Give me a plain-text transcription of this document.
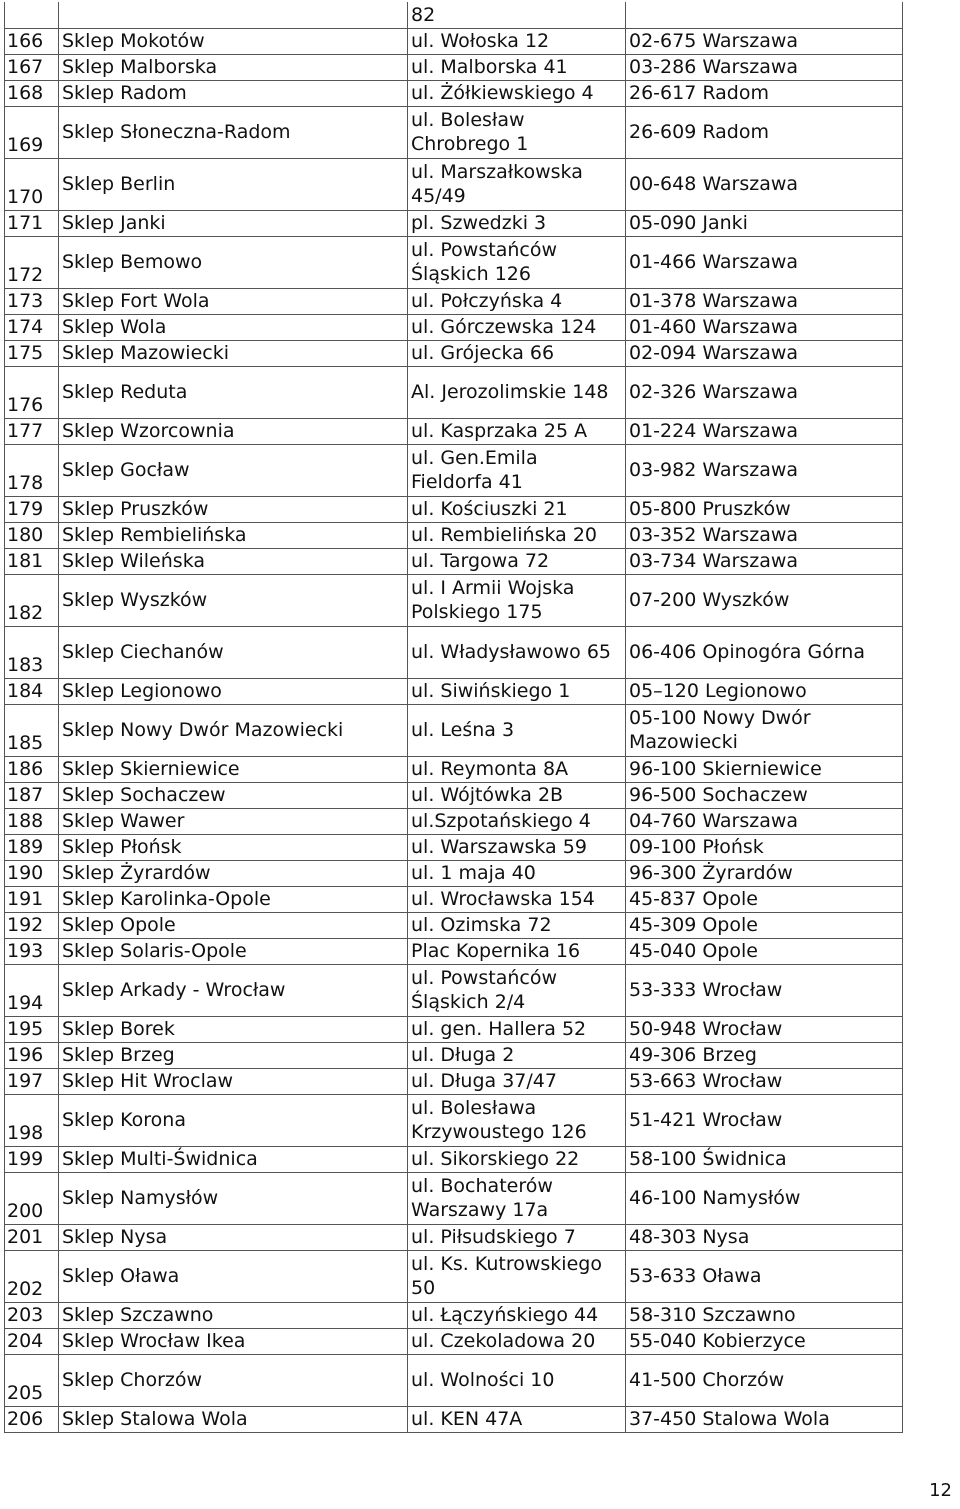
		82	
166	Sklep Mokotów	ul. Wołoska 12	02-675 Warszawa
167	Sklep Malborska	ul. Malborska 41	03-286 Warszawa
168	Sklep Radom	ul. Żółkiewskiego 4	26-617 Radom
169	Sklep Słoneczna-Radom	ul. Bolesław Chrobrego 1	26-609 Radom
170	Sklep Berlin	ul. Marszałkowska 45/49	00-648 Warszawa
171	Sklep Janki	pl. Szwedzki 3	05-090 Janki
172	Sklep Bemowo	ul. Powstańców Śląskich 126	01-466 Warszawa
173	Sklep Fort Wola	ul. Połczyńska 4	01-378 Warszawa
174	Sklep Wola	ul. Górczewska 124	01-460 Warszawa
175	Sklep Mazowiecki	ul. Grójecka 66	02-094 Warszawa
176	Sklep Reduta	Al. Jerozolimskie 148	02-326 Warszawa
177	Sklep Wzorcownia	ul. Kasprzaka 25 A	01-224 Warszawa
178	Sklep Gocław	ul. Gen.Emila Fieldorfa 41	03-982 Warszawa
179	Sklep Pruszków	ul. Kościuszki 21	05-800 Pruszków
180	Sklep Rembielińska	ul. Rembielińska 20	03-352 Warszawa
181	Sklep Wileńska	ul. Targowa 72	03-734 Warszawa
182	Sklep Wyszków	ul. I Armii Wojska Polskiego 175	07-200 Wyszków
183	Sklep Ciechanów	ul. Władysławowo 65	06-406 Opinogóra Górna
184	Sklep Legionowo	ul. Siwińskiego 1	05–120 Legionowo
185	Sklep Nowy Dwór Mazowiecki	ul. Leśna 3	05-100 Nowy Dwór Mazowiecki
186	Sklep Skierniewice	ul. Reymonta 8A	96-100 Skierniewice
187	Sklep Sochaczew	ul. Wójtówka 2B	96-500 Sochaczew
188	Sklep Wawer	ul.Szpotańskiego 4	04-760 Warszawa
189	Sklep Płońsk	ul. Warszawska 59	09-100 Płońsk
190	Sklep Żyrardów	ul. 1 maja 40	96-300 Żyrardów
191	Sklep Karolinka-Opole	ul. Wrocławska 154	45-837 Opole
192	Sklep Opole	ul. Ozimska 72	45-309 Opole
193	Sklep Solaris-Opole	Plac Kopernika 16	45-040 Opole
194	Sklep Arkady - Wrocław	ul. Powstańców Śląskich 2/4	53-333 Wrocław
195	Sklep Borek	ul. gen. Hallera 52	50-948 Wrocław
196	Sklep Brzeg	ul. Długa 2	49-306 Brzeg
197	Sklep Hit Wroclaw	ul. Długa 37/47	53-663 Wrocław
198	Sklep Korona	ul. Bolesława Krzywoustego 126	51-421 Wrocław
199	Sklep Multi-Świdnica	ul. Sikorskiego 22	58-100 Świdnica
200	Sklep Namysłów	ul. Bochaterów Warszawy 17a	46-100 Namysłów
201	Sklep Nysa	ul. Piłsudskiego 7	48-303 Nysa
202	Sklep Oława	ul. Ks. Kutrowskiego 50	53-633 Oława
203	Sklep Szczawno	ul. Łączyńskiego 44	58-310 Szczawno
204	Sklep Wrocław Ikea	ul. Czekoladowa 20	55-040 Kobierzyce
205	Sklep Chorzów	ul. Wolności 10	41-500 Chorzów
206	Sklep Stalowa Wola	ul. KEN 47A	37-450 Stalowa Wola
12
